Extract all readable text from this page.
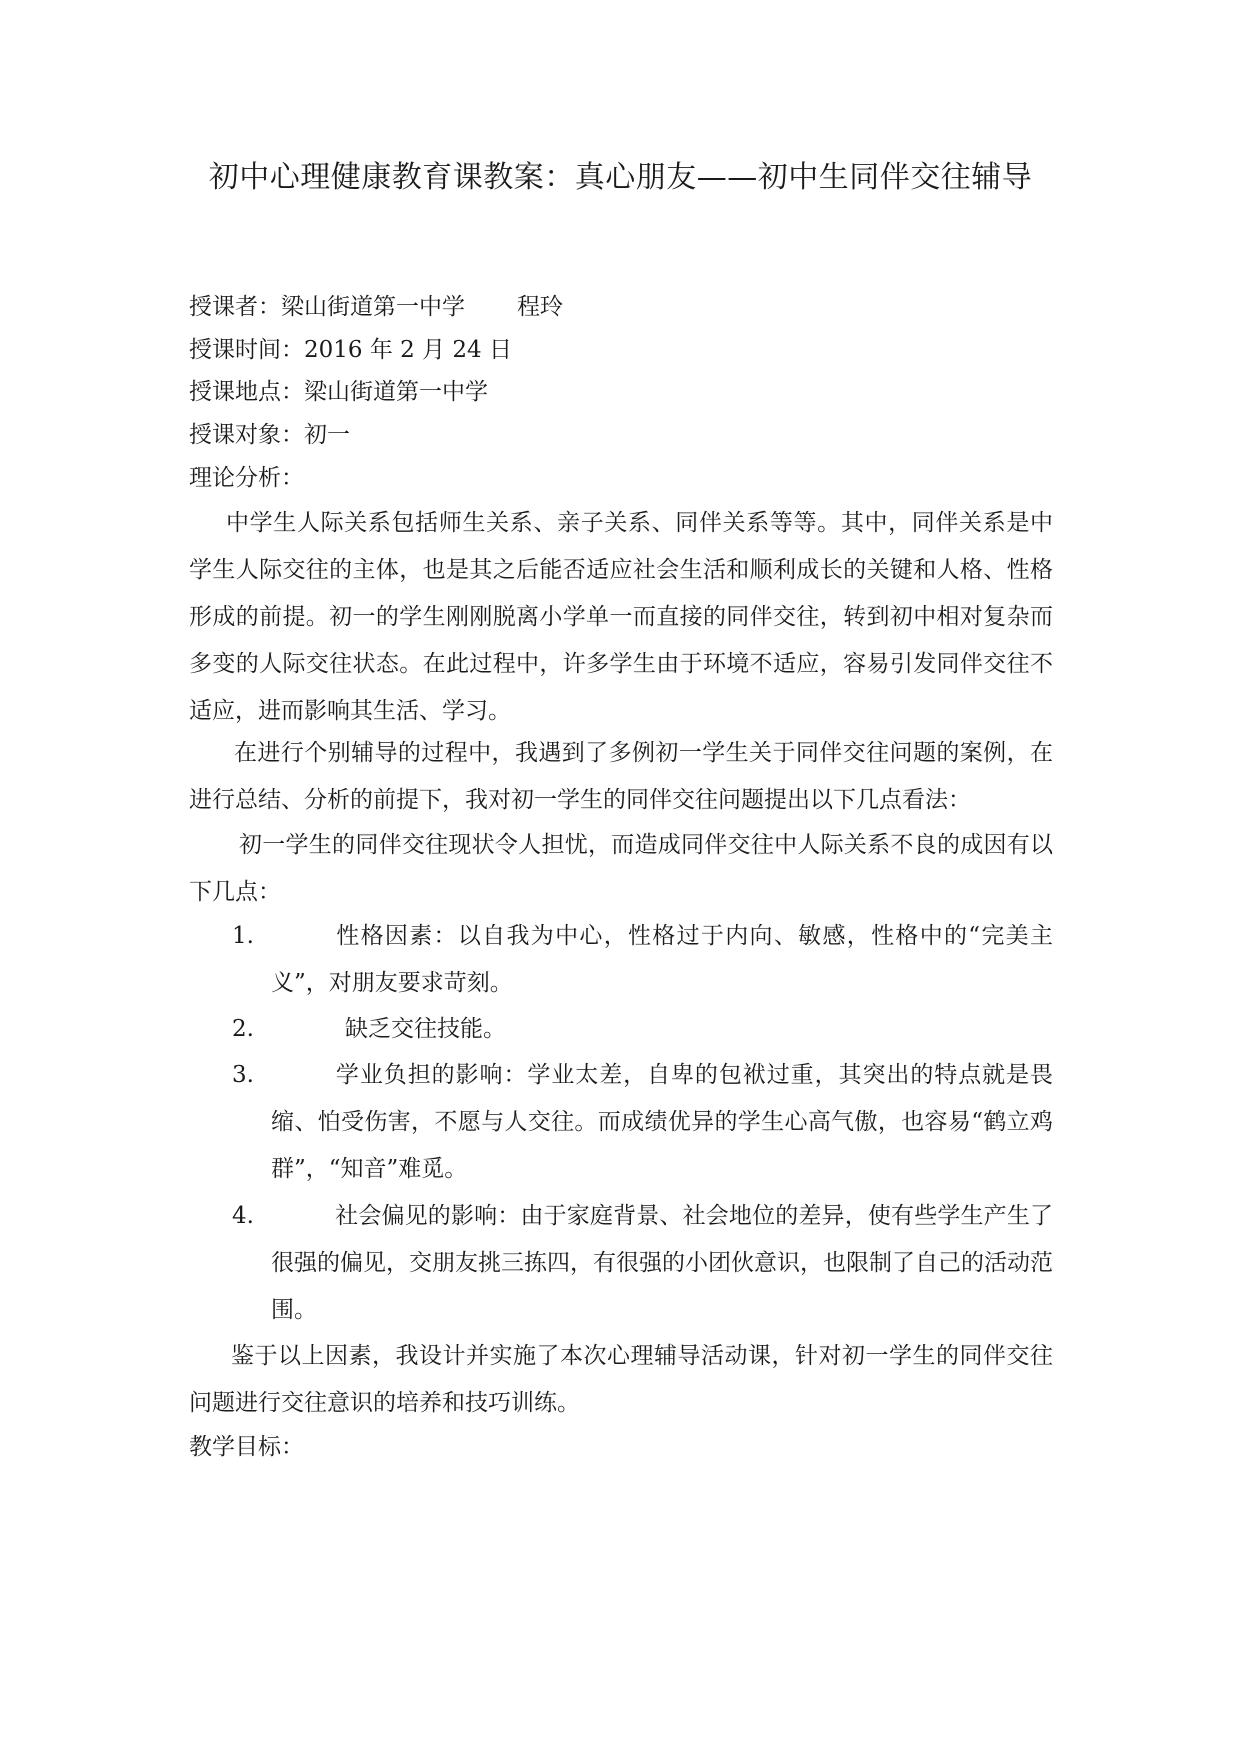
初中心理健康教育课教案：真心朋友——初中生同伴交往辅导
授课者：梁山街道第一中学 程玲
授课时间：2016 年 2 月 24 日
授课地点：梁山街道第一中学
授课对象：初一
理论分析：
中学生人际关系包括师生关系、亲子关系、同伴关系等等。其中，同伴关系是中学生人际交往的主体，也是其之后能否适应社会生活和顺利成长的关键和人格、性格形成的前提。初一的学生刚刚脱离小学单一而直接的同伴交往，转到初中相对复杂而多变的人际交往状态。在此过程中，许多学生由于环境不适应，容易引发同伴交往不适应，进而影响其生活、学习。
在进行个别辅导的过程中，我遇到了多例初一学生关于同伴交往问题的案例，在进行总结、分析的前提下，我对初一学生的同伴交往问题提出以下几点看法：
初一学生的同伴交往现状令人担忧，而造成同伴交往中人际关系不良的成因有以下几点：
1.	性格因素：以自我为中心，性格过于内向、敏感，性格中的“完美主义”，对朋友要求苛刻。
2.	缺乏交往技能。
3.	学业负担的影响：学业太差，自卑的包袱过重，其突出的特点就是畏缩、怕受伤害，不愿与人交往。而成绩优异的学生心高气傲，也容易“鹤立鸡群”，“知音”难觅。
4.	社会偏见的影响：由于家庭背景、社会地位的差异，使有些学生产生了很强的偏见，交朋友挑三拣四，有很强的小团伙意识，也限制了自己的活动范围。
鉴于以上因素，我设计并实施了本次心理辅导活动课，针对初一学生的同伴交往问题进行交往意识的培养和技巧训练。
教学目标：
